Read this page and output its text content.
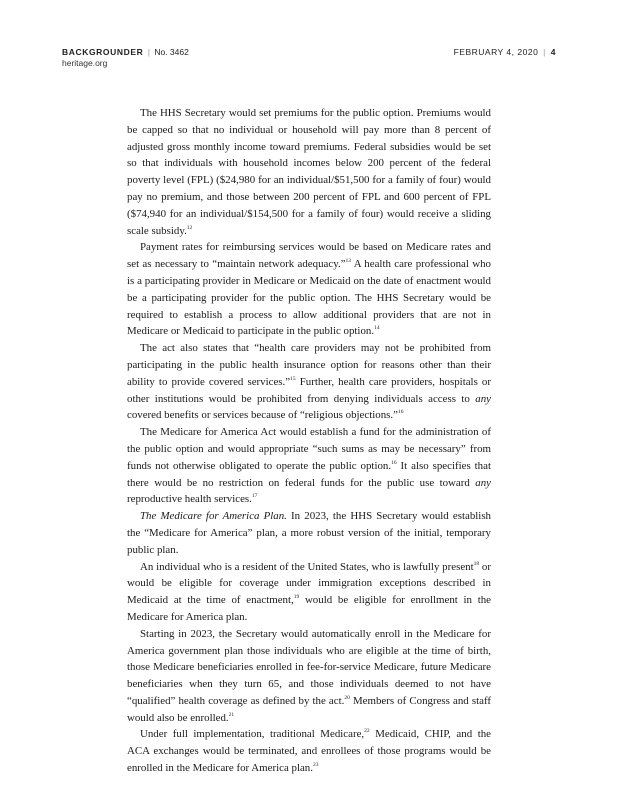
BACKGROUNDER | No. 3462
heritage.org
FEBRUARY 4, 2020 | 4

The HHS Secretary would set premiums for the public option. Premiums would be capped so that no individual or household will pay more than 8 percent of adjusted gross monthly income toward premiums. Federal subsidies would be set so that individuals with household incomes below 200 percent of the federal poverty level (FPL) ($24,980 for an individual/$51,500 for a family of four) would pay no premium, and those between 200 percent of FPL and 600 percent of FPL ($74,940 for an individual/$154,500 for a family of four) would receive a sliding scale subsidy.$^{12}$

Payment rates for reimbursing services would be based on Medicare rates and set as necessary to “maintain network adequacy.”$^{13}$ A health care professional who is a participating provider in Medicare or Medicaid on the date of enactment would be a participating provider for the public option. The HHS Secretary would be required to establish a process to allow additional providers that are not in Medicare or Medicaid to participate in the public option.$^{14}$

The act also states that “health care providers may not be prohibited from participating in the public health insurance option for reasons other than their ability to provide covered services.”$^{15}$ Further, health care providers, hospitals or other institutions would be prohibited from denying individuals access to any covered benefits or services because of “religious objections.”$^{16}$

The Medicare for America Act would establish a fund for the administration of the public option and would appropriate “such sums as may be necessary” from funds not otherwise obligated to operate the public option.$^{16}$ It also specifies that there would be no restriction on federal funds for the public use toward any reproductive health services.$^{17}$

The Medicare for America Plan. In 2023, the HHS Secretary would establish the “Medicare for America” plan, a more robust version of the initial, temporary public plan.

An individual who is a resident of the United States, who is lawfully present$^{18}$ or would be eligible for coverage under immigration exceptions described in Medicaid at the time of enactment,$^{19}$ would be eligible for enrollment in the Medicare for America plan.

Starting in 2023, the Secretary would automatically enroll in the Medicare for America government plan those individuals who are eligible at the time of birth, those Medicare beneficiaries enrolled in fee-for-service Medicare, future Medicare beneficiaries when they turn 65, and those individuals deemed to not have “qualified” health coverage as defined by the act.$^{20}$ Members of Congress and staff would also be enrolled.$^{21}$

Under full implementation, traditional Medicare,$^{22}$ Medicaid, CHIP, and the ACA exchanges would be terminated, and enrollees of those programs would be enrolled in the Medicare for America plan.$^{23}$
